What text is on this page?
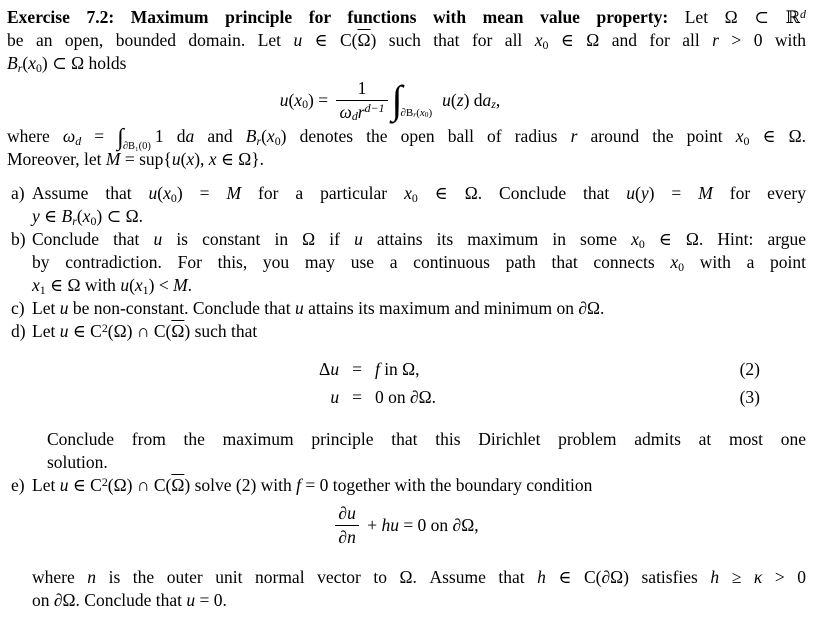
Exercise 7.2: Maximum principle for functions with mean value property: Let Ω ⊂ ℝ$^d$
be an open, bounded domain. Let u ∈ $C(\overline{\Omega})$ such that for all x0 ∈ Ω and for all r > 0 with
Br(x0) ⊂ Ω holds
$u(x0) = \frac{1}{\omega dr^{d-1}}$ ∫
∂Br(x0)
u(z) daz,
where $\omega d = \int_{\partial B_1(0)}1$ da and Br(x0) denotes the open ball of radius r around the point x0 ∈ Ω.
Moreover, let M = sup{u(x), x ∈ Ω}.
a) Assume that u(x0) = M for a particular x0 ∈ Ω. Conclude that u(y) = M for every
y ∈ Br(x0) ⊂ Ω.
b) Conclude that u is constant in Ω if u attains its maximum in some x0 ∈ Ω. Hint: argue
by contradiction. For this, you may use a continuous path that connects x0 with a point
x1 ∈ Ω with u(x1) < M.
c) Let u be non-constant. Conclude that u attains its maximum and minimum on ∂Ω.
d) Let u ∈ $C^2(\Omega)$ ∩ $C(\overline{\Omega})$ such that
Δu = f in Ω,	(2)
u = 0 on ∂Ω.	(3)
Conclude from the maximum principle that this Dirichlet problem admits at most one
solution.
e) Let u ∈ $C^2(\Omega)$ ∩ $C(\overline{\Omega})$ solve (2) with f = 0 together with the boundary condition
$\frac{\partial u}{\partial n}$ + hu = 0 on ∂Ω,
where n is the outer unit normal vector to Ω. Assume that h ∈ C(∂Ω) satisfies h ≥ κ > 0
on ∂Ω. Conclude that u = 0.
